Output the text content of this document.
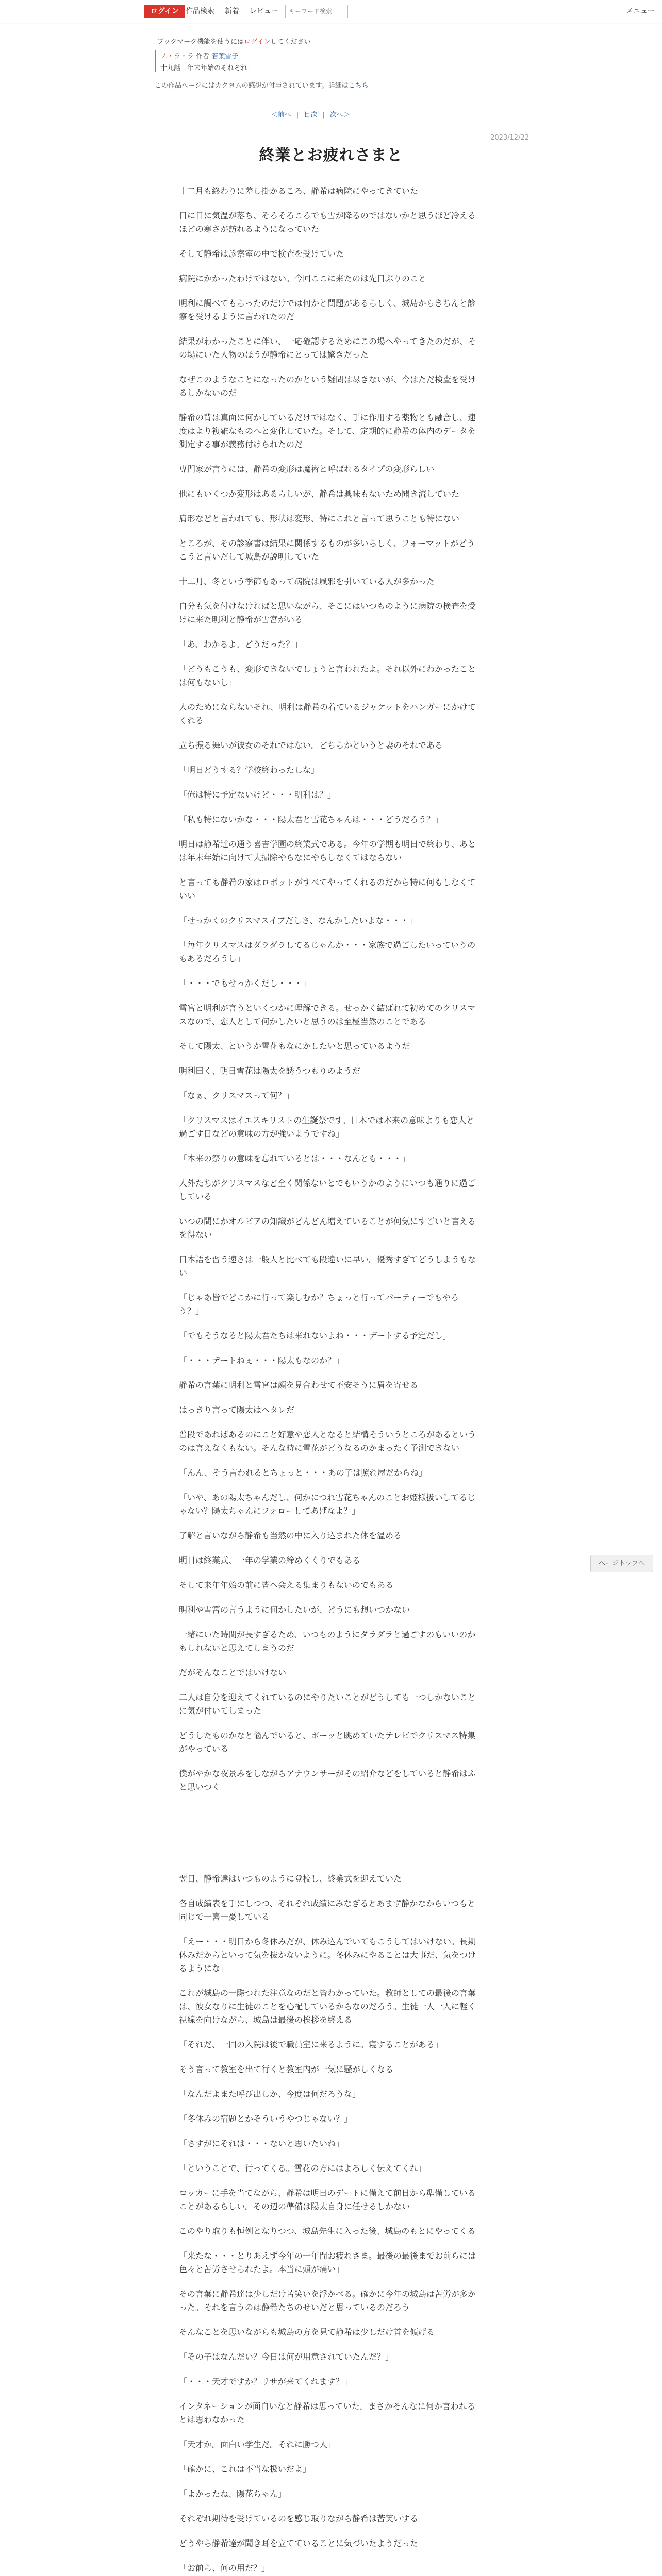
ログイン 作品検索 新着 レビュー
キーワード検索	メニュー
ブックマーク機能を使うにはログインしてください
ノ・ラ・ラ 作者 若葉雪子
十九話「年末年始のそれぞれ」
この作品ページにはカクヨムの感想が付与されています。詳細はこちら
＜前へ | 目次 | 次へ＞
2023/12/22
終業とお疲れさまと

十二月も終わりに差し掛かるころ、静希は病院にやってきていた

日に日に気温が落ち、そろそろころでも雪が降るのではないかと思うほど冷えるほどの寒さが訪れるようになっていた

そして静希は診察室の中で検査を受けていた

病院にかかったわけではない。今回ここに来たのは先日ぶりのこと

明利に調べてもらったのだけでは何かと問題があるらしく、城島からきちんと診察を受けるように言われたのだ

結果がわかったことに伴い、一応確認するためにこの場へやってきたのだが、その場にいた人物のほうが静希にとっては驚きだった

なぜこのようなことになったのかという疑問は尽きないが、今はただ検査を受けるしかないのだ

静希の背は真面に何かしているだけではなく、手に作用する薬物とも融合し、速度はより複雑なものへと変化していた。そして、定期的に静希の体内のデータを測定する事が義務付けられたのだ

専門家が言うには、静希の変形は魔術と呼ばれるタイプの変形らしい

他にもいくつか変形はあるらしいが、静希は興味もないため聞き流していた

肩形などと言われても、形状は変形、特にこれと言って思うことも特にない

ところが、その診察書は結果に関係するものが多いらしく、フォーマットがどうこうと言いだして城島が説明していた

十二月、冬という季節もあって病院は風邪を引いている人が多かった

自分も気を付けなければと思いながら、そこにはいつものように病院の検査を受けに来た明利と静希が雪宮がいる

「あ、わかるよ。どうだった？」

「どうもこうも、変形できないでしょうと言われたよ。それ以外にわかったことは何もないし」

人のためにならないそれ、明利は静希の着ているジャケットをハンガーにかけてくれる

立ち振る舞いが彼女のそれではない。どちらかというと妻のそれである

「明日どうする？学校終わったしな」

「俺は特に予定ないけど・・・明利は？」

「私も特にないかな・・・陽太君と雪花ちゃんは・・・どうだろう？」

明日は静希達の通う喜吉学園の終業式である。今年の学期も明日で終わり、あとは年末年始に向けて大掃除やらなにやらしなくてはならない

と言っても静希の家はロボットがすべてやってくれるのだから特に何もしなくていい

「せっかくのクリスマスイブだしさ、なんかしたいよな・・・」

「毎年クリスマスはダラダラしてるじゃんか・・・家族で過ごしたいっていうのもあるだろうし」

「・・・でもせっかくだし・・・」

雪宮と明利が言うといくつかに理解できる。せっかく結ばれて初めてのクリスマスなので、恋人として何かしたいと思うのは至極当然のことである

そして陽太、というか雪花もなにかしたいと思っているようだ

明利曰く、明日雪花は陽太を誘うつもりのようだ

「なぁ、クリスマスって何？」

「クリスマスはイエスキリストの生誕祭です。日本では本来の意味よりも恋人と過ごす日などの意味の方が強いようですね」

「本来の祭りの意味を忘れているとは・・・なんとも・・・」

人外たちがクリスマスなど全く関係ないとでもいうかのようにいつも通りに過ごしている

いつの間にかオルビアの知識がどんどん増えていることが何気にすごいと言えるを得ない

日本語を習う速さは一般人と比べても段違いに早い。優秀すぎてどうしようもない

「じゃあ皆でどこかに行って楽しむか？ちょっと行ってパーティーでもやろう？」

「でもそうなると陽太君たちは来れないよね・・・デートする予定だし」

「・・・デートねぇ・・・陽太もなのか？」

静希の言葉に明利と雪宮は顔を見合わせて不安そうに眉を寄せる

はっきり言って陽太はヘタレだ

普段であればあるのにこと好意や恋人となると結構そういうところがあるというのは言えなくもない。そんな時に雪花がどうなるのかまったく予測できない

「んん、そう言われるとちょっと・・・あの子は照れ屋だからね」

「いや、あの陽太ちゃんだし、何かにつれ雪花ちゃんのことお姫様扱いしてるじゃない？陽太ちゃんにフォローしてあげなよ？」

了解と言いながら静希も当然の中に入り込まれた体を温める

明日は終業式、一年の学業の締めくくりでもある

そして来年年始の前に皆へ会える集まりもないのでもある

明利や雪宮の言うように何かしたいが、どうにも想いつかない

一緒にいた時間が長すぎるため、いつものようにダラダラと過ごすのもいいのかもしれないと思えてしまうのだ

だがそんなことではいけない

二人は自分を迎えてくれているのにやりたいことがどうしても一つしかないことに気が付いてしまった

どうしたものかなと悩んでいると、ポーッと眺めていたテレビでクリスマス特集がやっている

僕がやかな夜景みをしながらアナウンサーがその紹介などをしていると静希はふと思いつく

翌日、静希達はいつものように登校し、終業式を迎えていた

各自成績表を手にしつつ、それぞれ成績にみなぎるとあまず静かなからいつもと同じで一喜一憂している

「えー・・・明日から冬休みだが、休み込んでいてもこうしてはいけない。長期休みだからといって気を抜かないように。冬休みにやることは大事だ、気をつけるようにな」

これが城島の一際つれた注意なのだと皆わかっていた。教師としての最後の言葉は、彼女なりに生徒のことを心配しているからなのだろう。生徒一人一人に軽く視線を向けながら、城島は最後の挨拶を終える

「それだ、一回の入院は後で職員室に来るように。寝することがある」

そう言って教室を出て行くと教室内が一気に騒がしくなる

「なんだよまた呼び出しか、今度は何だろうな」

「冬休みの宿題とかそういうやつじゃない？」

「さすがにそれは・・・ないと思いたいね」

「ということで、行ってくる。雪花の方にはよろしく伝えてくれ」

ロッカーに手を当てながら、静希は明日のデートに備えて前日から準備していることがあるらしい。その辺の準備は陽太自身に任せるしかない

このやり取りも恒例となりつつ、城島先生に入った後、城島のもとにやってくる

「来たな・・・とりあえず今年の一年間お疲れさま。最後の最後までお前らには色々と苦労させられたよ。本当に頭が痛い」

その言葉に静希達は少しだけ苦笑いを浮かべる。確かに今年の城島は苦労が多かった。それを言うのは静希たちのせいだと思っているのだろう

そんなことを思いながらも城島の方を見て静希は少しだけ首を傾げる

「その子はなんだい？今日は何が用意されていたんだ？」

「・・・天才ですか？リサが来てくれます？」

インタネーションが面白いなと静希は思っていた。まさかそんなに何か言われるとは思わなかった

「天才か。面白い学生だ。それに勝つ人」

「確かに、これは不当な扱いだよ」

「よかったね、陽花ちゃん」

それぞれ期待を受けているのを感じ取りながら静希は苦笑いする

どうやら静希達が聞き耳を立てていることに気づいたようだった

「お前ら、何の用だ？」

ページトップへ
